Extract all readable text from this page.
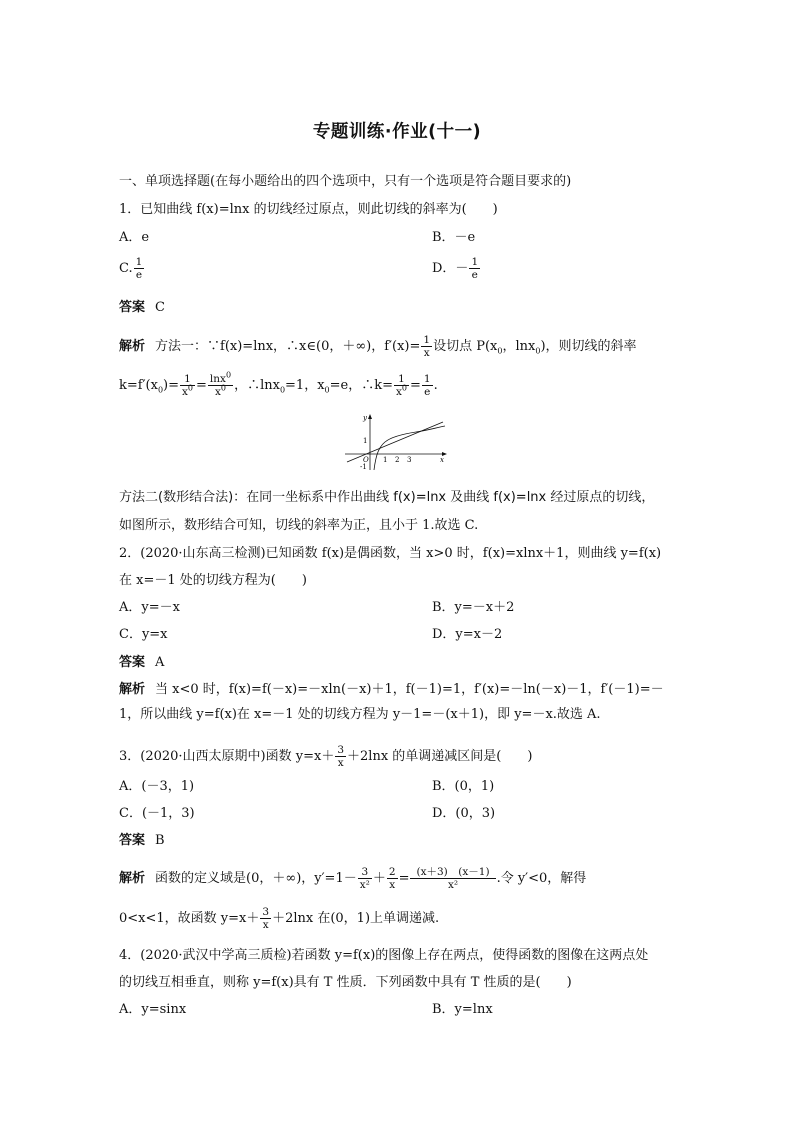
专题训练·作业(十一)
一、单项选择题(在每小题给出的四个选项中，只有一个选项是符合题目要求的)
1．已知曲线 f(x)=lnx 的切线经过原点，则此切线的斜率为(　　)
A．e	B．－e
C. $\frac{1}{e}$	D．－ $\frac{1}{e}$
答案 C
解析 方法一：∵f(x)=lnx，∴x∈(0，＋∞)，$f'(x)= \frac{1}{x}$ 设切点 $P(x_0$，lnx$_0$)，则切线的斜率
$k=f'(x_0)= \frac{1}{x^0} = \frac{\ln x^0}{x^0}$ ，∴lnx$_0$=1，$x_0=e$，∴k= $\frac{1}{x^0} = \frac{1}{e}$ .
y
x
1
O
-1
1 2 3
方法二(数形结合法)：在同一坐标系中作出曲线 f(x)=lnx 及曲线 f(x)=lnx 经过原点的切线，
如图所示，数形结合可知，切线的斜率为正，且小于 1.故选 C.
2．(2020·山东高三检测)已知函数 f(x)是偶函数，当 x>0 时，f(x)=xlnx＋1，则曲线 y=f(x)
在 x=－1 处的切线方程为(　　)
A．y=－x	B．y=－x＋2
C．y=x	D．y=x－2
答案 A
解析 当 x<0 时，f(x)=f(－x)=－xln(－x)＋1，f(－1)=1，f′(x)=－ln(－x)－1，f′(－1)=－
1，所以曲线 y=f(x)在 x=－1 处的切线方程为 y－1=－(x＋1)，即 y=－x.故选 A.
3．(2020·山西太原期中)函数 $y=x+ \frac{3}{x} +2\ln x$ 的单调递减区间是(　　)
A．(－3，1)	B．(0，1)
C．(－1，3)	D．(0，3)
答案 B
解析 函数的定义域是(0，＋∞)，$y'=1- \frac{3}{\text{x²}} + \frac{2}{x} = \frac{(x+3) (x-1)}{\text{x²}}$ .令 y′<0，解得
0<x<1，故函数 $y=x+ \frac{3}{x} +2\ln x$ 在(0，1)上单调递减.
4．(2020·武汉中学高三质检)若函数 y=f(x)的图像上存在两点，使得函数的图像在这两点处
的切线互相垂直，则称 y=f(x)具有 T 性质．下列函数中具有 T 性质的是(　　)
A．y=sinx	B．y=lnx
